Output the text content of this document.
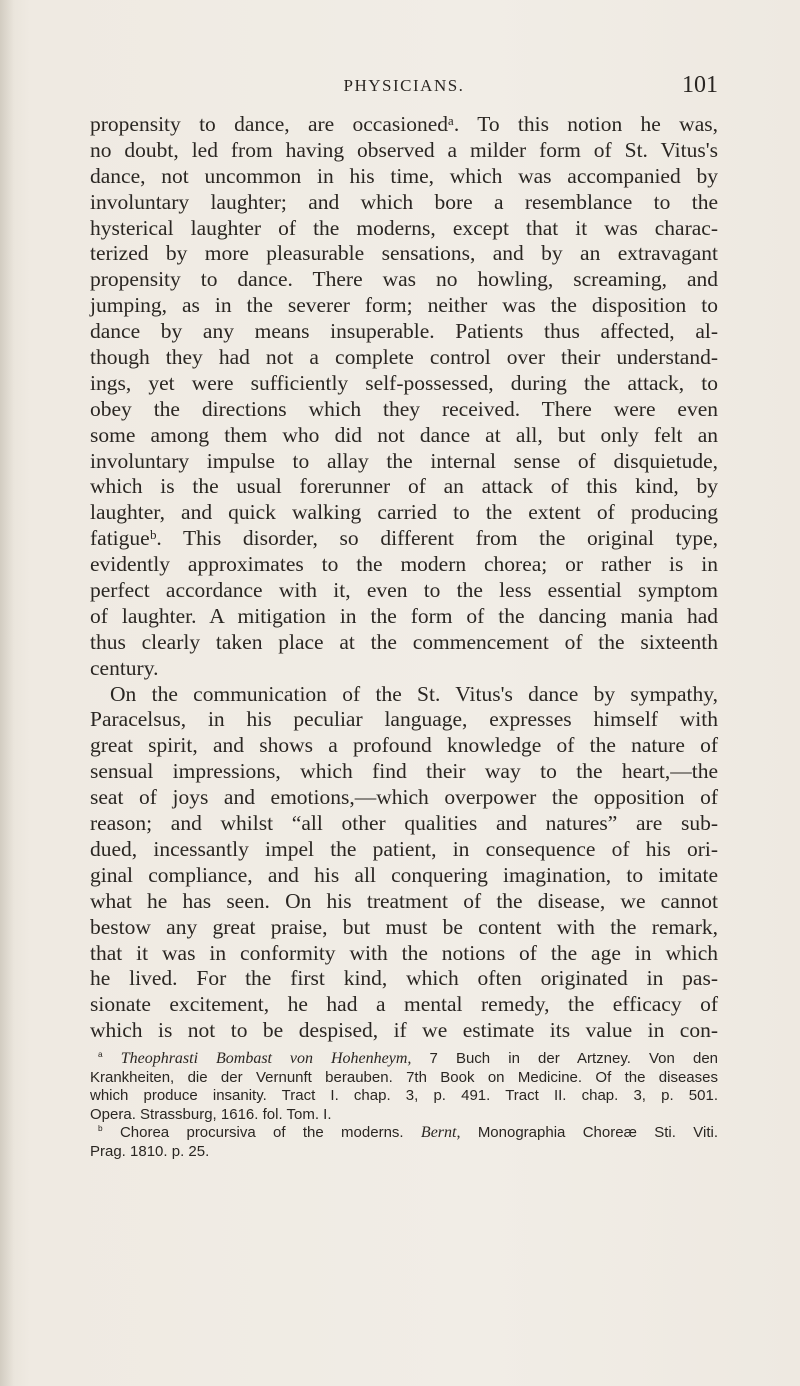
PHYSICIANS.	101
propensity to dance, are occasionedᵃ. To this notion he was,
no doubt, led from having observed a milder form of St. Vitus's
dance, not uncommon in his time, which was accompanied by
involuntary laughter; and which bore a resemblance to the
hysterical laughter of the moderns, except that it was charac-
terized by more pleasurable sensations, and by an extravagant
propensity to dance. There was no howling, screaming, and
jumping, as in the severer form; neither was the disposition to
dance by any means insuperable. Patients thus affected, al-
though they had not a complete control over their understand-
ings, yet were sufficiently self-possessed, during the attack, to
obey the directions which they received. There were even
some among them who did not dance at all, but only felt an
involuntary impulse to allay the internal sense of disquietude,
which is the usual forerunner of an attack of this kind, by
laughter, and quick walking carried to the extent of producing
fatigueᵇ. This disorder, so different from the original type,
evidently approximates to the modern chorea; or rather is in
perfect accordance with it, even to the less essential symptom
of laughter. A mitigation in the form of the dancing mania had
thus clearly taken place at the commencement of the sixteenth
century.
On the communication of the St. Vitus's dance by sympathy,
Paracelsus, in his peculiar language, expresses himself with
great spirit, and shows a profound knowledge of the nature of
sensual impressions, which find their way to the heart,—the
seat of joys and emotions,—which overpower the opposition of
reason; and whilst “all other qualities and natures” are sub-
dued, incessantly impel the patient, in consequence of his ori-
ginal compliance, and his all conquering imagination, to imitate
what he has seen. On his treatment of the disease, we cannot
bestow any great praise, but must be content with the remark,
that it was in conformity with the notions of the age in which
he lived. For the first kind, which often originated in pas-
sionate excitement, he had a mental remedy, the efficacy of
which is not to be despised, if we estimate its value in con-
$^a$ Theophrasti Bombast von Hohenheym, 7 Buch in der Artzney. Von den
Krankheiten, die der Vernunft berauben. 7th Book on Medicine. Of the diseases
which produce insanity. Tract I. chap. 3, p. 491. Tract II. chap. 3, p. 501.
Opera. Strassburg, 1616. fol. Tom. I.
$^b$ Chorea procursiva of the moderns. Bernt, Monographia Choreæ Sti. Viti.
Prag. 1810. p. 25.
